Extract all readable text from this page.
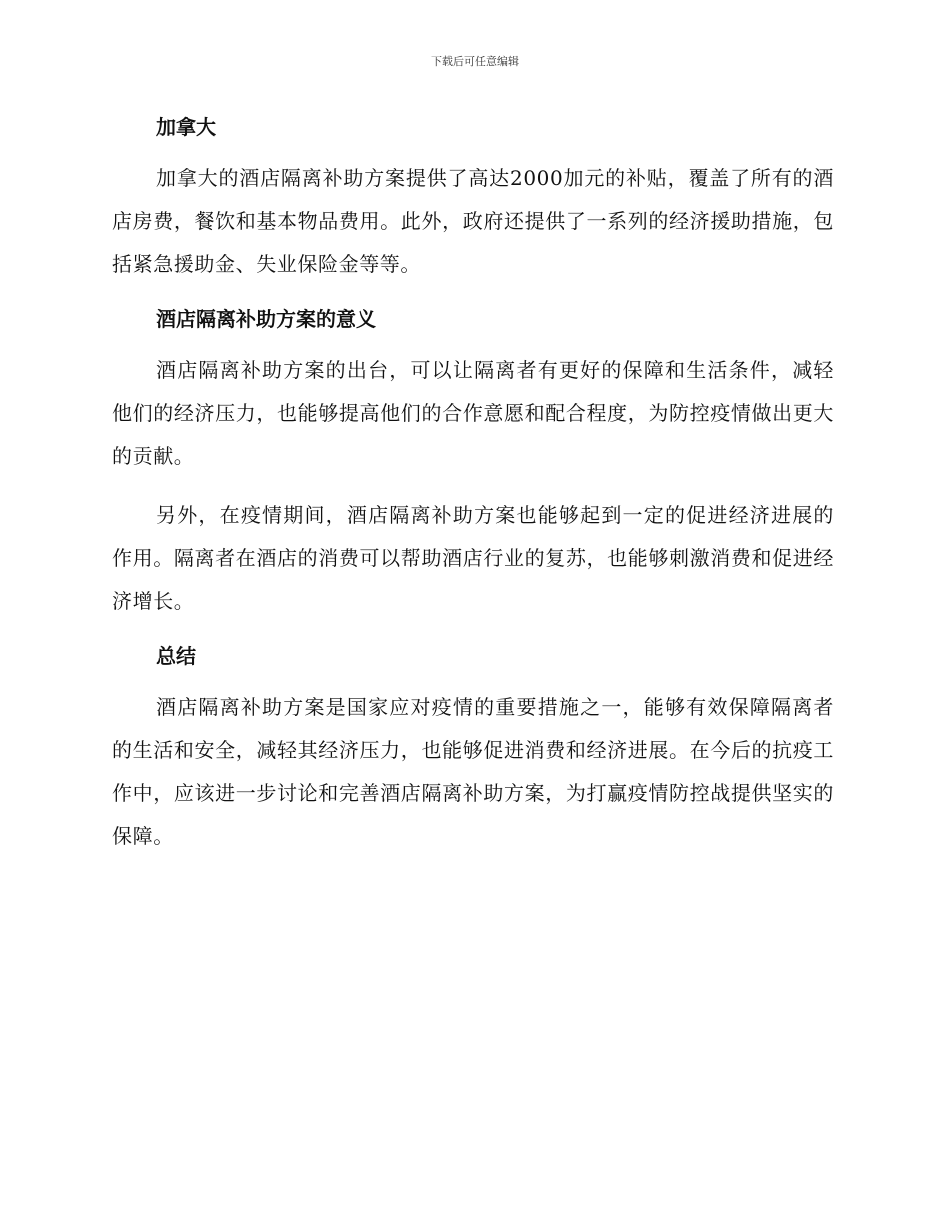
下载后可任意编辑
加拿大

加拿大的酒店隔离补助方案提供了高达2000加元的补贴，覆盖了所有的酒店房费，餐饮和基本物品费用。此外，政府还提供了一系列的经济援助措施，包括紧急援助金、失业保险金等等。

酒店隔离补助方案的意义

酒店隔离补助方案的出台，可以让隔离者有更好的保障和生活条件，减轻他们的经济压力，也能够提高他们的合作意愿和配合程度，为防控疫情做出更大的贡献。

另外，在疫情期间，酒店隔离补助方案也能够起到一定的促进经济进展的作用。隔离者在酒店的消费可以帮助酒店行业的复苏，也能够刺激消费和促进经济增长。

总结

酒店隔离补助方案是国家应对疫情的重要措施之一，能够有效保障隔离者的生活和安全，减轻其经济压力，也能够促进消费和经济进展。在今后的抗疫工作中，应该进一步讨论和完善酒店隔离补助方案，为打赢疫情防控战提供坚实的保障。
